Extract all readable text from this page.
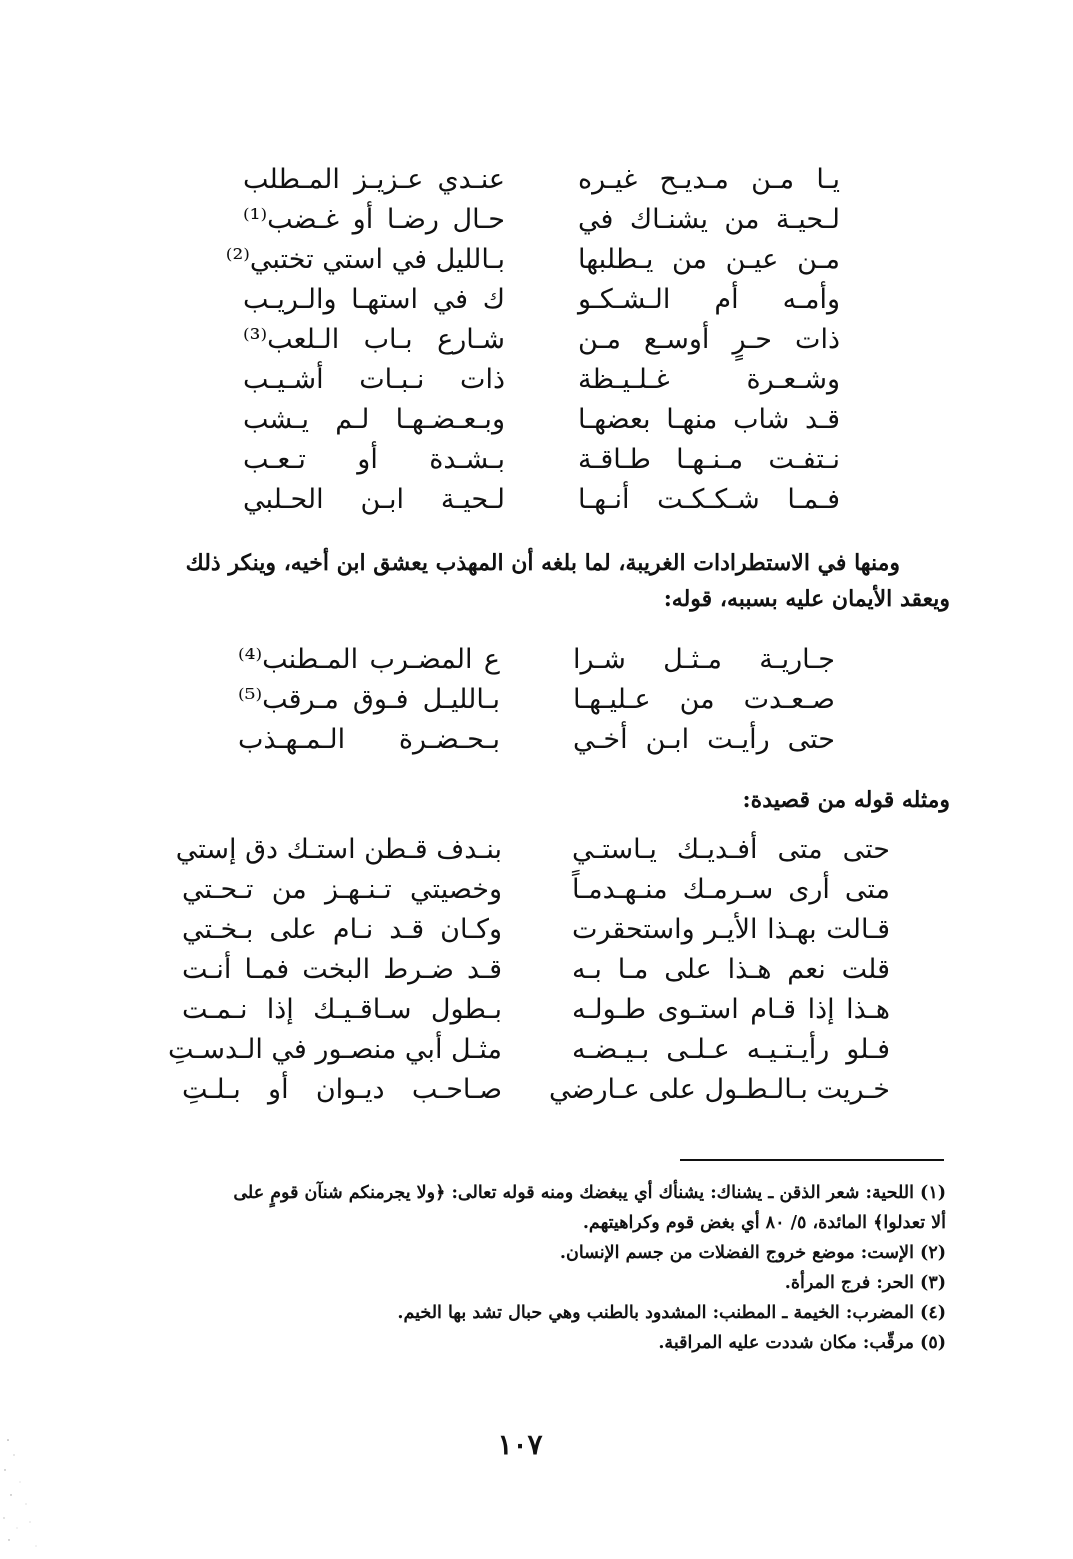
يـا مـن مـديـح غيـره
عنـدي عـزيـز المـطلب
لـحيـة من يشنـاك في
حـال رضـا أو غـضب⁽¹⁾
مـن عيـن من يـطلبها
بـالليل في استي تختبي⁽²⁾
وأمـه أم الـشـكـو
ك في استهـا والـريـب
ذات حـرٍ أوسـع مـن
شـارع بـاب الـلعب⁽³⁾
وشـعـرة غـلـيـظة
ذات نـبـات أشـيـب
قـد شاب منهـا بعضهـا
وبـعـضـهـا لـم يـشب
نـتفـت مـنـهـا طـاقـة
بـشـدة أو تـعـب
فـمـا شـكـكـت أنـهـا
لـحيـة ابـن الحـلبي
ومنها في الاستطرادات الغريبة، لما بلغه أن المهذب يعشق ابن أخيه، وينكر ذلك
ويعقد الأيمان عليه بسببه، قوله:
جـاريـة مـثـل شـرا
ع المضـرب المـطنب⁽⁴⁾
صـعـدت من عـليـهـا
بـالليـل فـوق مـرقب⁽⁵⁾
حتى رأيـت ابـن أخـي
بـحـضـرة الـمـهـذب
ومثله قوله من قصيدة:
حتى متى أفـديـك يـاستـي
بنـدف قـطن استـك دق إستي
متى أرى سـرمـك منـهـدمـاً
وخصيتي تـنـهـز من تـحـتي
قـالت بهـذا الأيـر واستحقرت
وكـان قـد نـام على بـخـتي
قلت نعم هـذا على مـا بـه
قـد ضـرط البخت فمـا أنـت
هـذا إذا قـام استـوى طـولـه
بـطول سـاقـيـك إذا نـمـت
فـلو رأيـتـيـه عـلـى بـيـضـه
مثـل أبي منصـور في الـدسـتِ
خـريت بـالـطـول على عـارضي
صـاحـب ديـوان أو بـلـتِ
(١) اللحية: شعر الذقن ـ يشناك: يشنأك أي يبغضك ومنه قوله تعالى: ﴿ولا يجرمنكم شنآن قومٍ على
ألا تعدلوا﴾ المائدة، ٥/ ٨٠ أي بغض قوم وكراهيتهم.
(٢) الإست: موضع خروج الفضلات من جسم الإنسان.
(٣) الحر: فرج المرأة.
(٤) المضرب: الخيمة ـ المطنب: المشدود بالطنب وهي حبال تشد بها الخيم.
(٥) مرقّب: مكان شددت عليه المراقبة.
١٠٧
